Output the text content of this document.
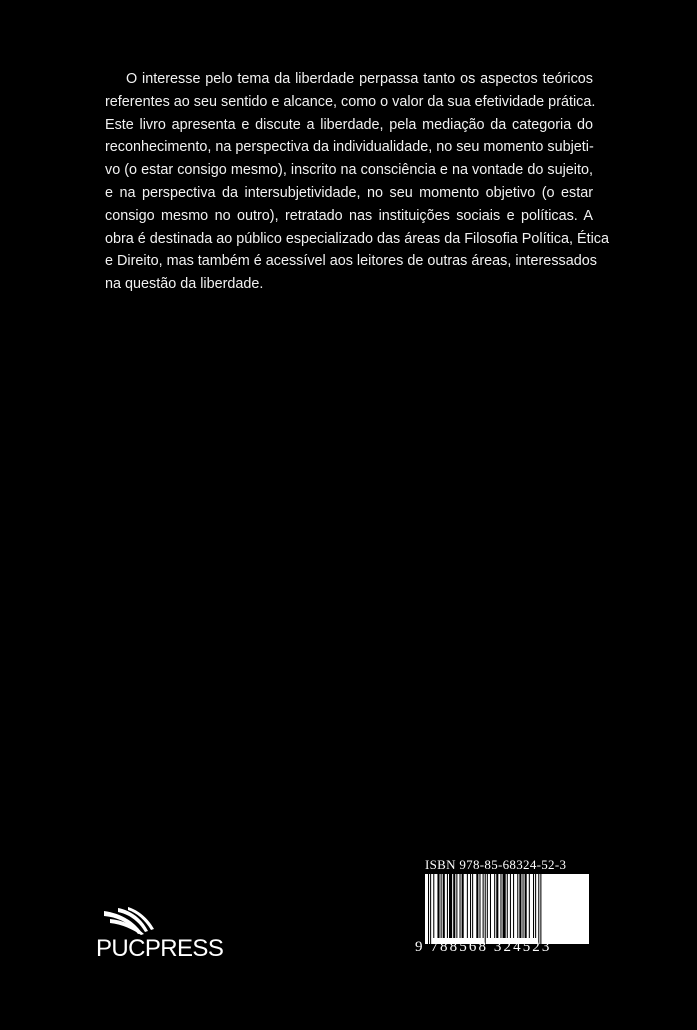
O interesse pelo tema da liberdade perpassa tanto os aspectos teóricos
referentes ao seu sentido e alcance, como o valor da sua efetividade prática.
Este livro apresenta e discute a liberdade, pela mediação da categoria do
reconhecimento, na perspectiva da individualidade, no seu momento subjeti-
vo (o estar consigo mesmo), inscrito na consciência e na vontade do sujeito,
e na perspectiva da intersubjetividade, no seu momento objetivo (o estar
consigo mesmo no outro), retratado nas instituições sociais e políticas. A
obra é destinada ao público especializado das áreas da Filosofia Política, Ética
e Direito, mas também é acessível aos leitores de outras áreas, interessados
na questão da liberdade.
PUCPRESS
ISBN 978-85-68324-52-3
9 788568 324523
